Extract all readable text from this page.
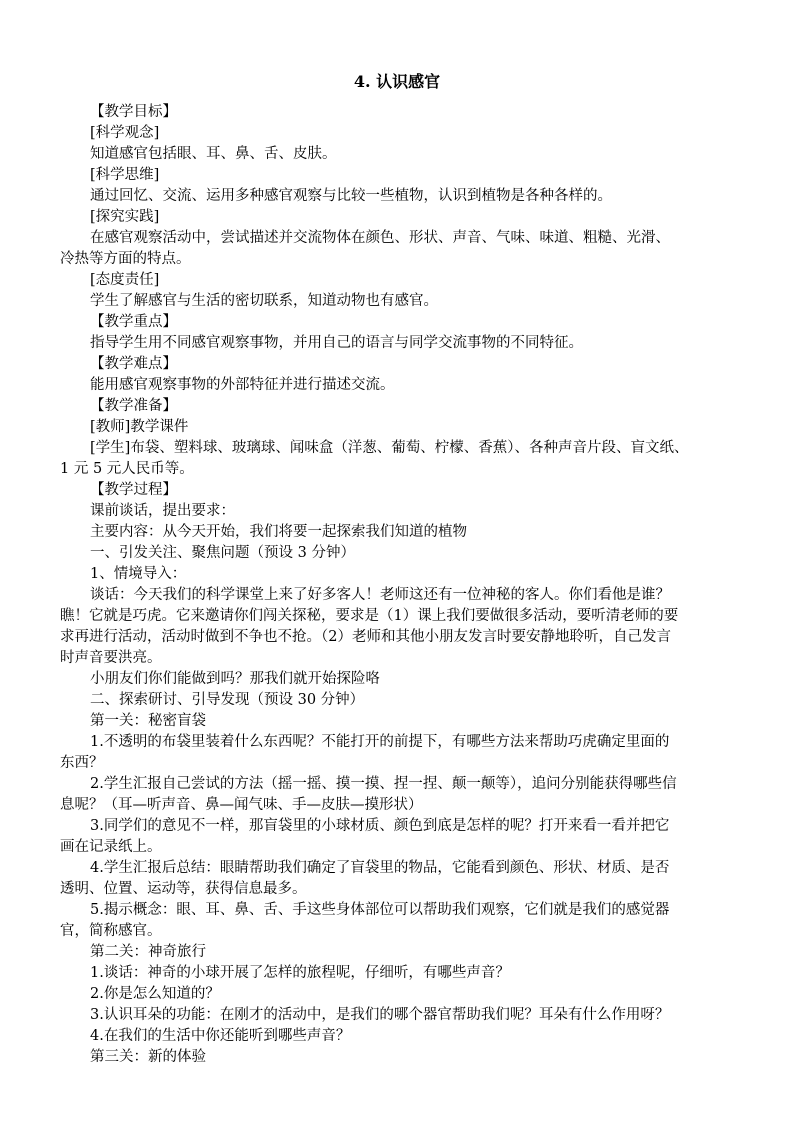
4. 认识感官
【教学目标】
[科学观念]
知道感官包括眼、耳、鼻、舌、皮肤。
[科学思维]
通过回忆、交流、运用多种感官观察与比较一些植物，认识到植物是各种各样的。
[探究实践]
在感官观察活动中，尝试描述并交流物体在颜色、形状、声音、气味、味道、粗糙、光滑、
冷热等方面的特点。
[态度责任]
学生了解感官与生活的密切联系，知道动物也有感官。
【教学重点】
指导学生用不同感官观察事物，并用自己的语言与同学交流事物的不同特征。
【教学难点】
能用感官观察事物的外部特征并进行描述交流。
【教学准备】
[教师]教学课件
[学生]布袋、塑料球、玻璃球、闻味盒（洋葱、葡萄、柠檬、香蕉）、各种声音片段、盲文纸、
1 元 5 元人民币等。
【教学过程】
课前谈话，提出要求：
主要内容：从今天开始，我们将要一起探索我们知道的植物
一、引发关注、聚焦问题（预设 3 分钟）
1、情境导入：
谈话：今天我们的科学课堂上来了好多客人！老师这还有一位神秘的客人。你们看他是谁？
瞧！它就是巧虎。它来邀请你们闯关探秘，要求是（1）课上我们要做很多活动，要听清老师的要
求再进行活动，活动时做到不争也不抢。（2）老师和其他小朋友发言时要安静地聆听，自己发言
时声音要洪亮。
小朋友们你们能做到吗？那我们就开始探险咯
二、探索研讨、引导发现（预设 30 分钟）
第一关：秘密盲袋
1.不透明的布袋里装着什么东西呢？不能打开的前提下，有哪些方法来帮助巧虎确定里面的
东西？
2.学生汇报自己尝试的方法（摇一摇、摸一摸、捏一捏、颠一颠等），追问分别能获得哪些信
息呢？（耳—听声音、鼻—闻气味、手—皮肤—摸形状）
3.同学们的意见不一样，那盲袋里的小球材质、颜色到底是怎样的呢？打开来看一看并把它
画在记录纸上。
4.学生汇报后总结：眼睛帮助我们确定了盲袋里的物品，它能看到颜色、形状、材质、是否
透明、位置、运动等，获得信息最多。
5.揭示概念：眼、耳、鼻、舌、手这些身体部位可以帮助我们观察，它们就是我们的感觉器
官，简称感官。
第二关：神奇旅行
1.谈话：神奇的小球开展了怎样的旅程呢，仔细听，有哪些声音？
2.你是怎么知道的？
3.认识耳朵的功能：在刚才的活动中，是我们的哪个器官帮助我们呢？耳朵有什么作用呀？
4.在我们的生活中你还能听到哪些声音？
第三关：新的体验
